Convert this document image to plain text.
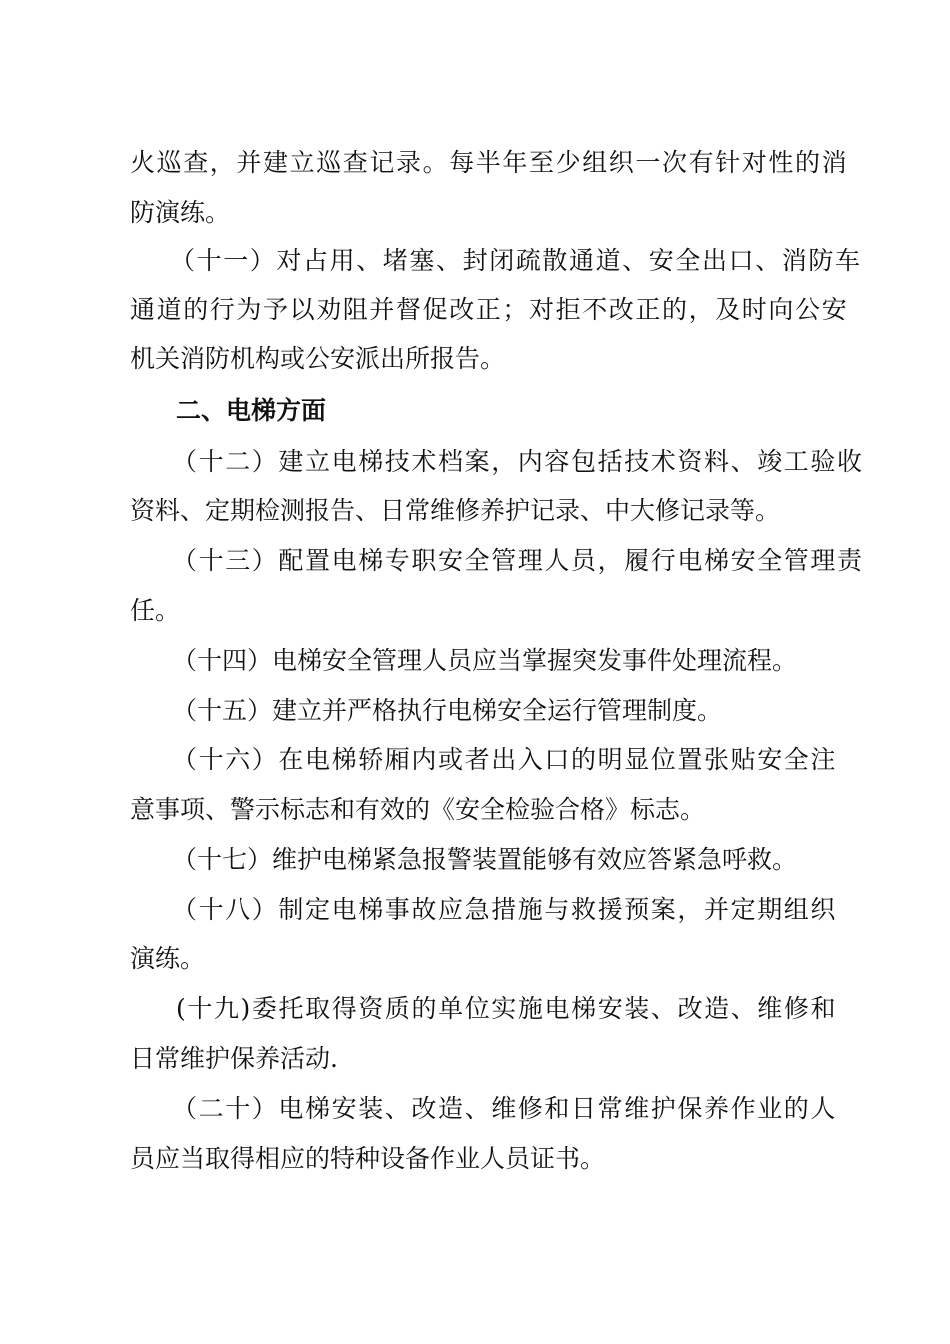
火巡查，并建立巡查记录。每半年至少组织一次有针对性的消
防演练。
（十一）对占用、堵塞、封闭疏散通道、安全出口、消防车
通道的行为予以劝阻并督促改正；对拒不改正的，及时向公安
机关消防机构或公安派出所报告。
二、电梯方面
（十二）建立电梯技术档案，内容包括技术资料、竣工验收
资料、定期检测报告、日常维修养护记录、中大修记录等。
（十三）配置电梯专职安全管理人员，履行电梯安全管理责
任。
（十四）电梯安全管理人员应当掌握突发事件处理流程。
（十五）建立并严格执行电梯安全运行管理制度。
（十六）在电梯轿厢内或者出入口的明显位置张贴安全注
意事项、警示标志和有效的《安全检验合格》标志。
（十七）维护电梯紧急报警装置能够有效应答紧急呼救。
（十八）制定电梯事故应急措施与救援预案，并定期组织
演练。
(十九)委托取得资质的单位实施电梯安装、改造、维修和
日常维护保养活动.
（二十）电梯安装、改造、维修和日常维护保养作业的人
员应当取得相应的特种设备作业人员证书。
